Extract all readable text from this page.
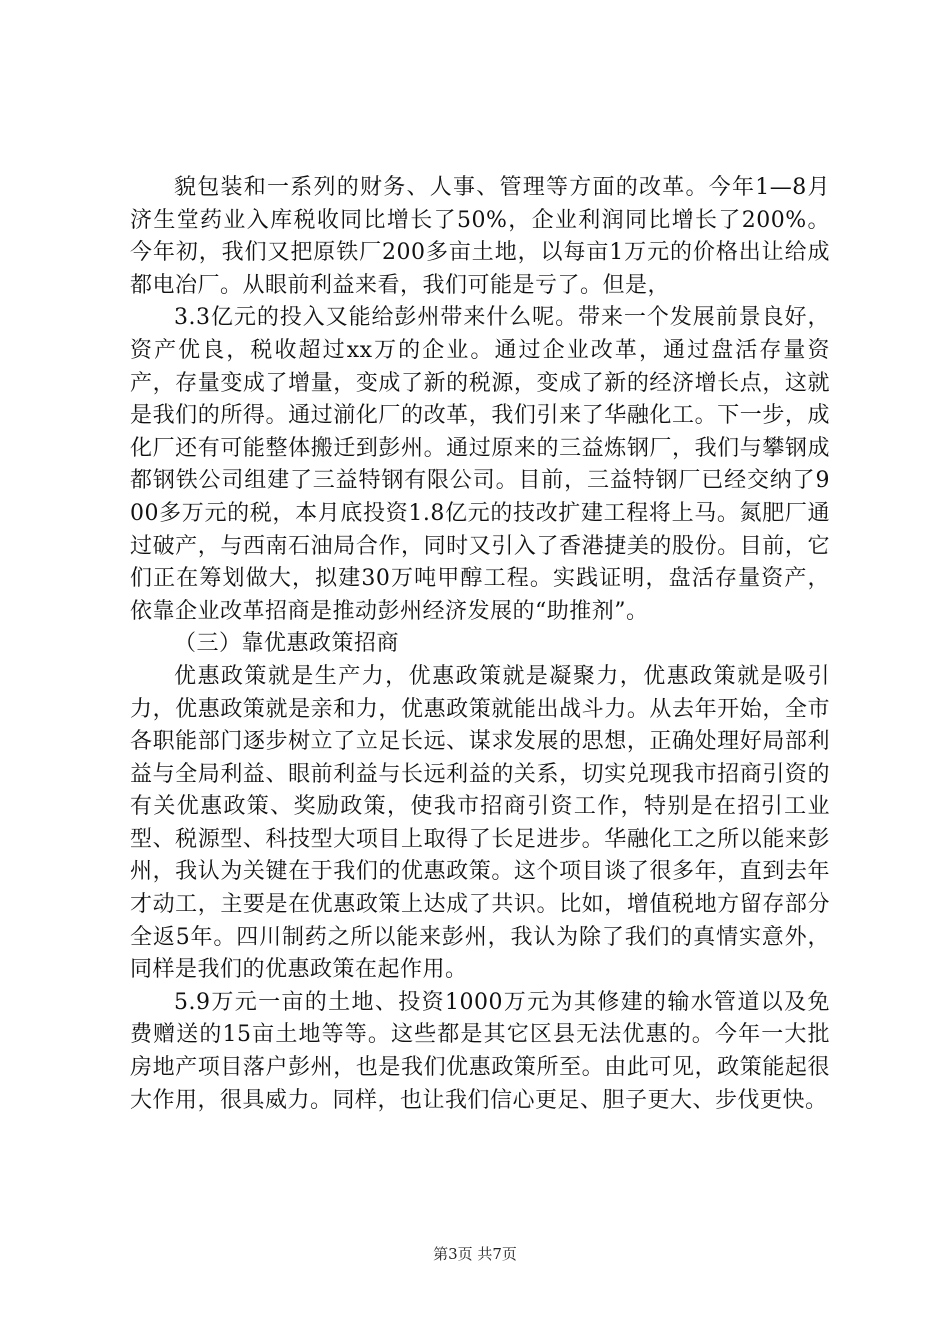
貌包装和一系列的财务、人事、管理等方面的改革。今年1—8月济生堂药业入库税收同比增长了50%，企业利润同比增长了200%。今年初，我们又把原铁厂200多亩土地，以每亩1万元的价格出让给成都电冶厂。从眼前利益来看，我们可能是亏了。但是，

3.3亿元的投入又能给彭州带来什么呢。带来一个发展前景良好，资产优良，税收超过xx万的企业。通过企业改革，通过盘活存量资产，存量变成了增量，变成了新的税源，变成了新的经济增长点，这就是我们的所得。通过湔化厂的改革，我们引来了华融化工。下一步，成化厂还有可能整体搬迁到彭州。通过原来的三益炼钢厂，我们与攀钢成都钢铁公司组建了三益特钢有限公司。目前，三益特钢厂已经交纳了900多万元的税，本月底投资1.8亿元的技改扩建工程将上马。氮肥厂通过破产，与西南石油局合作，同时又引入了香港捷美的股份。目前，它们正在筹划做大，拟建30万吨甲醇工程。实践证明，盘活存量资产，依靠企业改革招商是推动彭州经济发展的“助推剂”。

（三）靠优惠政策招商

优惠政策就是生产力，优惠政策就是凝聚力，优惠政策就是吸引力，优惠政策就是亲和力，优惠政策就能出战斗力。从去年开始，全市各职能部门逐步树立了立足长远、谋求发展的思想，正确处理好局部利益与全局利益、眼前利益与长远利益的关系，切实兑现我市招商引资的有关优惠政策、奖励政策，使我市招商引资工作，特别是在招引工业型、税源型、科技型大项目上取得了长足进步。华融化工之所以能来彭州，我认为关键在于我们的优惠政策。这个项目谈了很多年，直到去年才动工，主要是在优惠政策上达成了共识。比如，增值税地方留存部分全返5年。四川制药之所以能来彭州，我认为除了我们的真情实意外，同样是我们的优惠政策在起作用。

5.9万元一亩的土地、投资1000万元为其修建的输水管道以及免费赠送的15亩土地等等。这些都是其它区县无法优惠的。今年一大批房地产项目落户彭州，也是我们优惠政策所至。由此可见，政策能起很大作用，很具威力。同样，也让我们信心更足、胆子更大、步伐更快。

第3页 共7页
